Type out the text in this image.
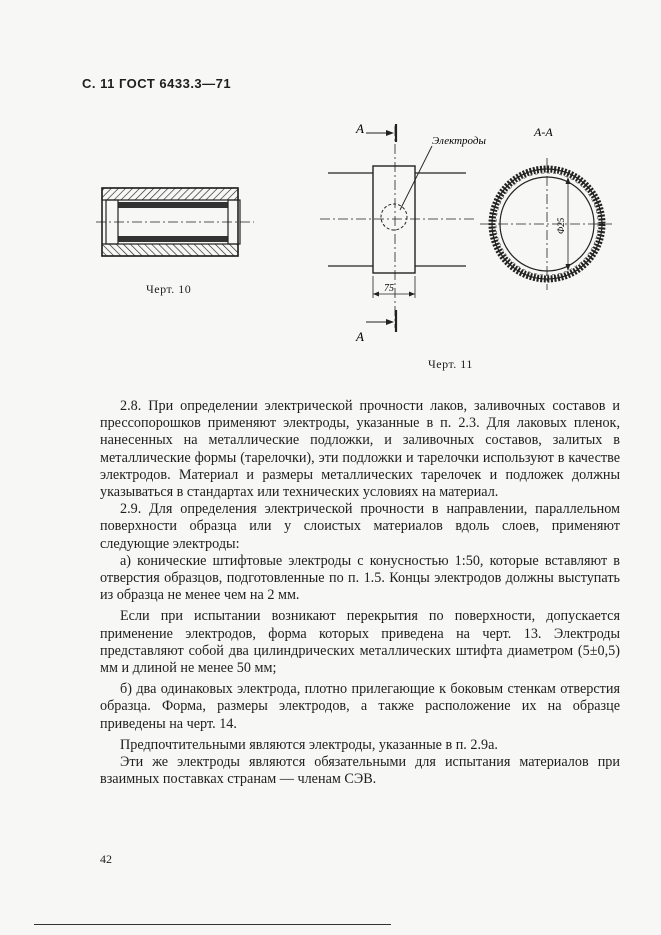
С. 11 ГОСТ 6433.3—71
Черт. 10
А
А
Электроды
75
А-А
Ф25
Черт. 11

2.8. При определении электрической прочности лаков, заливочных составов и прессопорошков применяют электроды, указанные в п. 2.3. Для лаковых пленок, нанесенных на металлические подложки, и заливочных составов, залитых в металлические формы (тарелочки), эти подложки и тарелочки используют в качестве электродов. Материал и размеры металлических тарелочек и подложек должны указываться в стандартах или технических условиях на материал.

2.9. Для определения электрической прочности в направлении, параллельном поверхности образца или у слоистых материалов вдоль слоев, применяют следующие электроды:

а) конические штифтовые электроды с конусностью 1:50, которые вставляют в отверстия образцов, подготовленные по п. 1.5. Концы электродов должны выступать из образца не менее чем на 2 мм.

Если при испытании возникают перекрытия по поверхности, допускается применение электродов, форма которых приведена на черт. 13. Электроды представляют собой два цилиндрических металлических штифта диаметром (5±0,5) мм и длиной не менее 50 мм;

б) два одинаковых электрода, плотно прилегающие к боковым стенкам отверстия образца. Форма, размеры электродов, а также расположение их на образце приведены на черт. 14.

Предпочтительными являются электроды, указанные в п. 2.9а.

Эти же электроды являются обязательными для испытания материалов при взаимных поставках странам — членам СЭВ.

42
